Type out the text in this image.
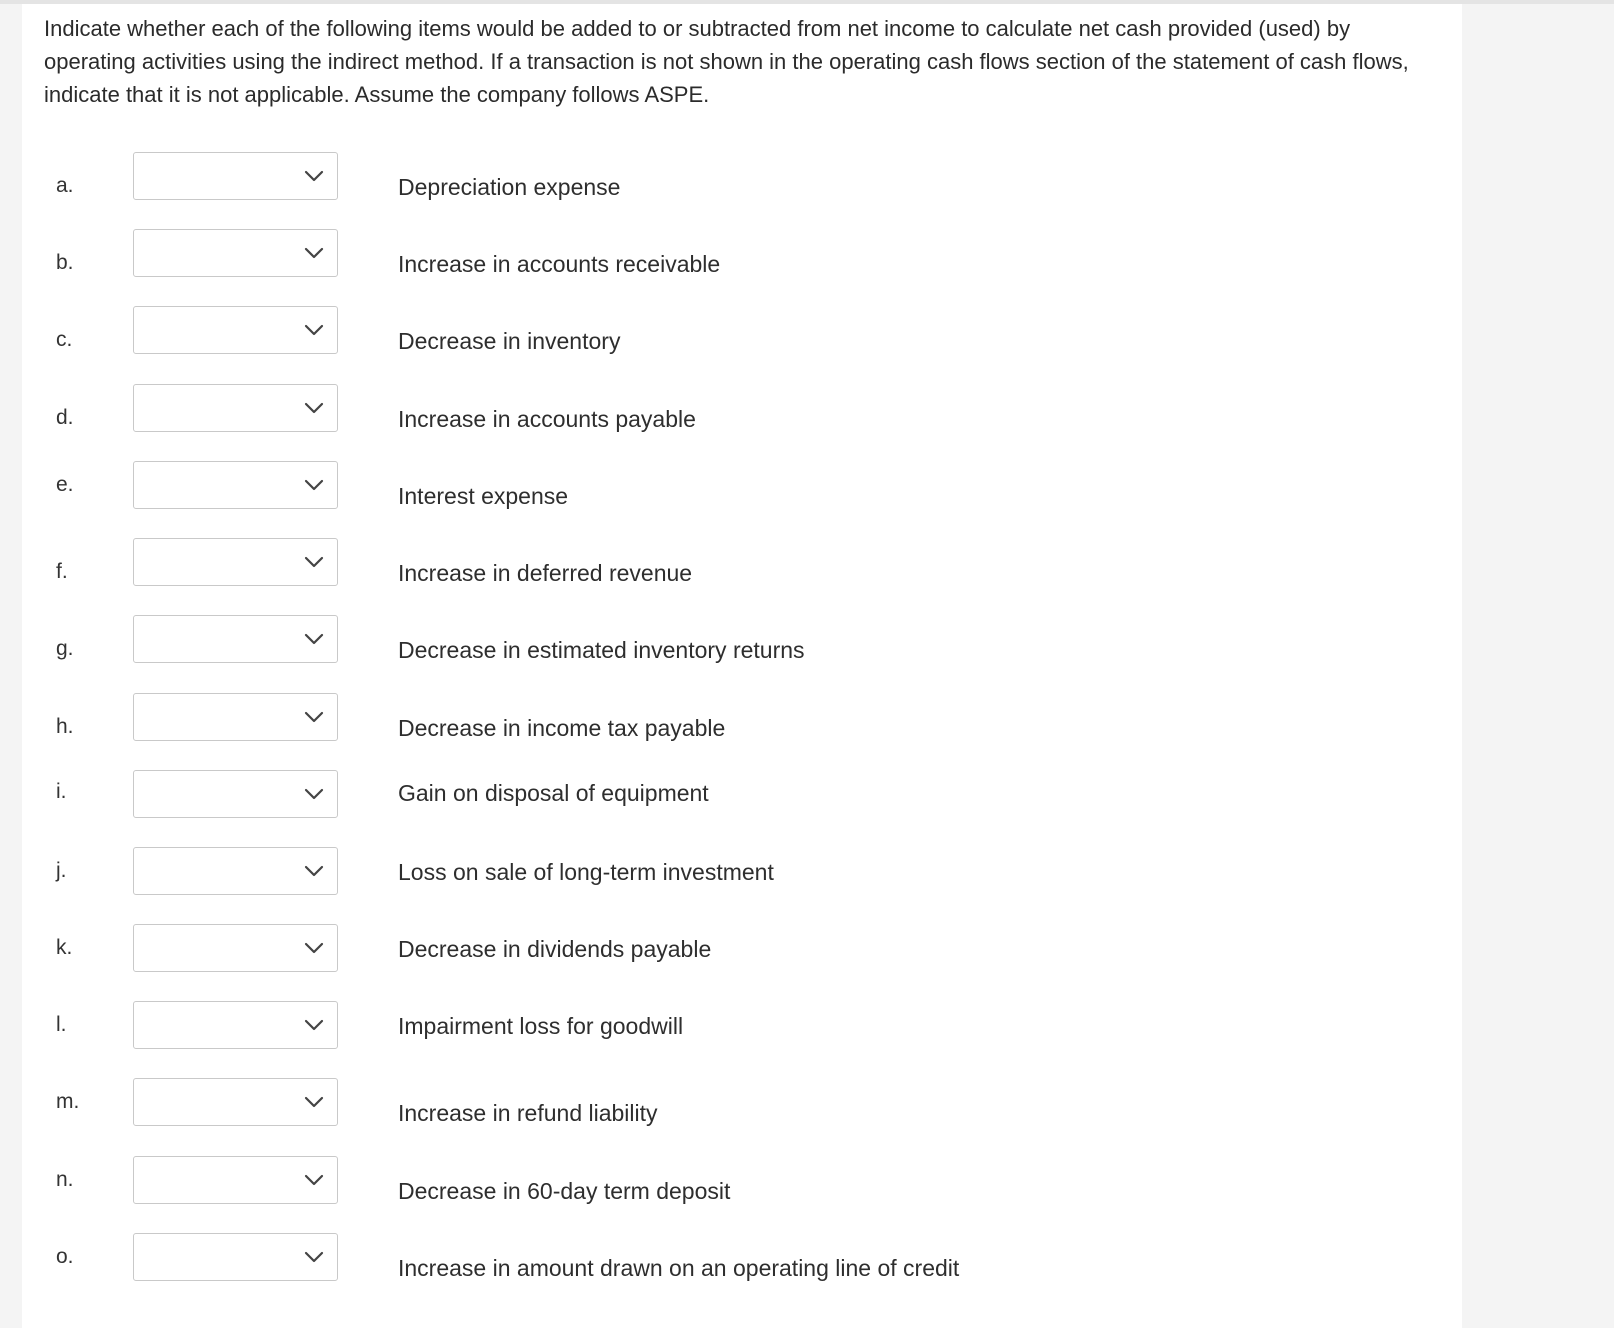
Indicate whether each of the following items would be added to or subtracted from net income to calculate net cash provided (used) by operating activities using the indirect method. If a transaction is not shown in the operating cash flows section of the statement of cash flows, indicate that it is not applicable. Assume the company follows ASPE.

a.	Depreciation expense
b.	Increase in accounts receivable
c.	Decrease in inventory
d.	Increase in accounts payable
e.	Interest expense
f.	Increase in deferred revenue
g.	Decrease in estimated inventory returns
h.	Decrease in income tax payable
i.	Gain on disposal of equipment
j.	Loss on sale of long-term investment
k.	Decrease in dividends payable
l.	Impairment loss for goodwill
m.	Increase in refund liability
n.	Decrease in 60-day term deposit
o.	Increase in amount drawn on an operating line of credit
